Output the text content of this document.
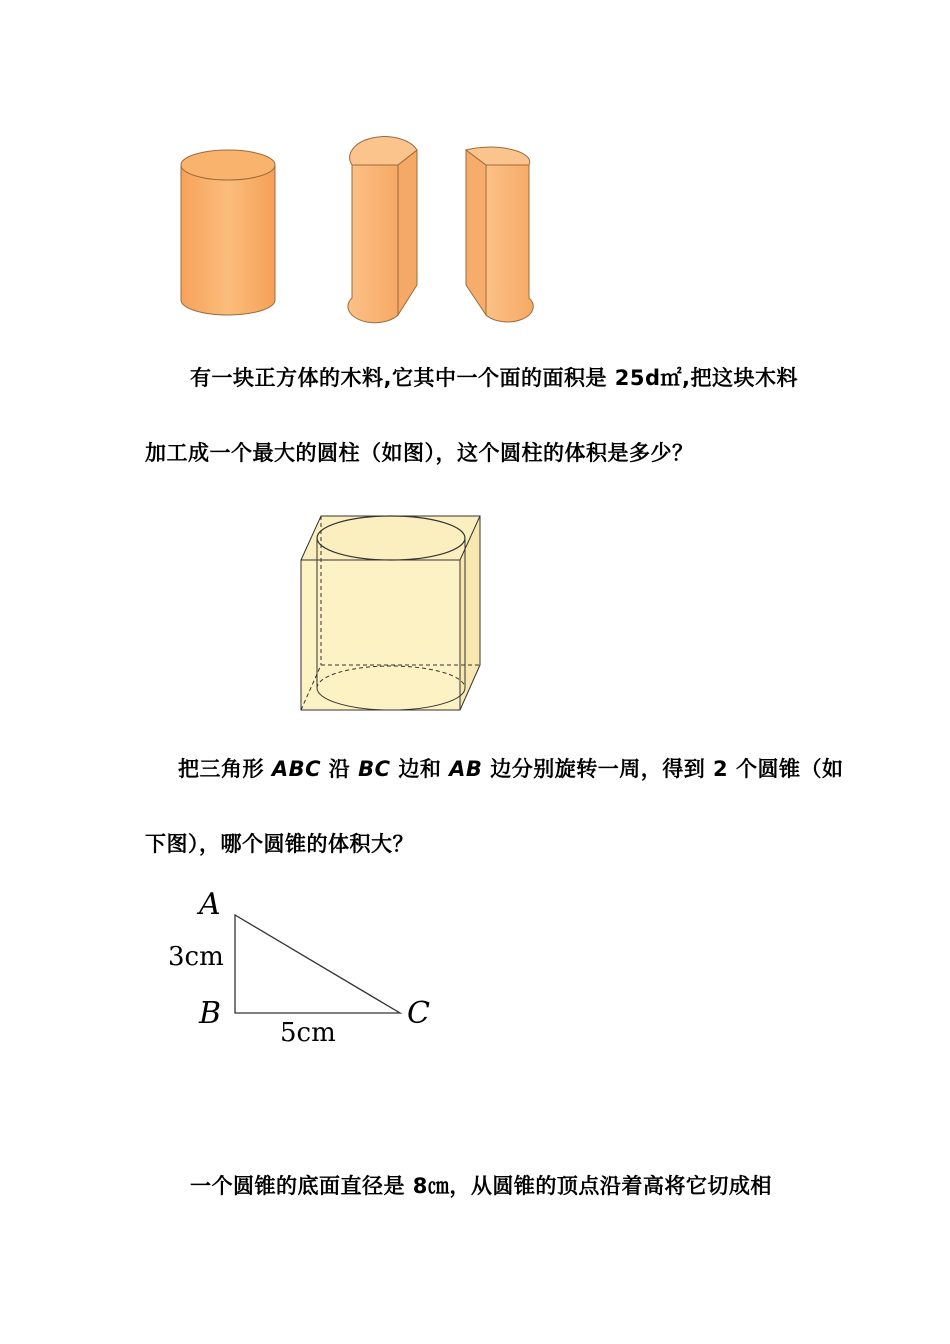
有一块正方体的木料,它其中一个面的面积是 25d㎡,把这块木料
加工成一个最大的圆柱（如图），这个圆柱的体积是多少？
把三角形 ABC 沿 BC 边和 AB 边分别旋转一周，得到 2 个圆锥（如
下图），哪个圆锥的体积大？
A
3cm
B	C
5cm
一个圆锥的底面直径是 8㎝，从圆锥的顶点沿着高将它切成相
